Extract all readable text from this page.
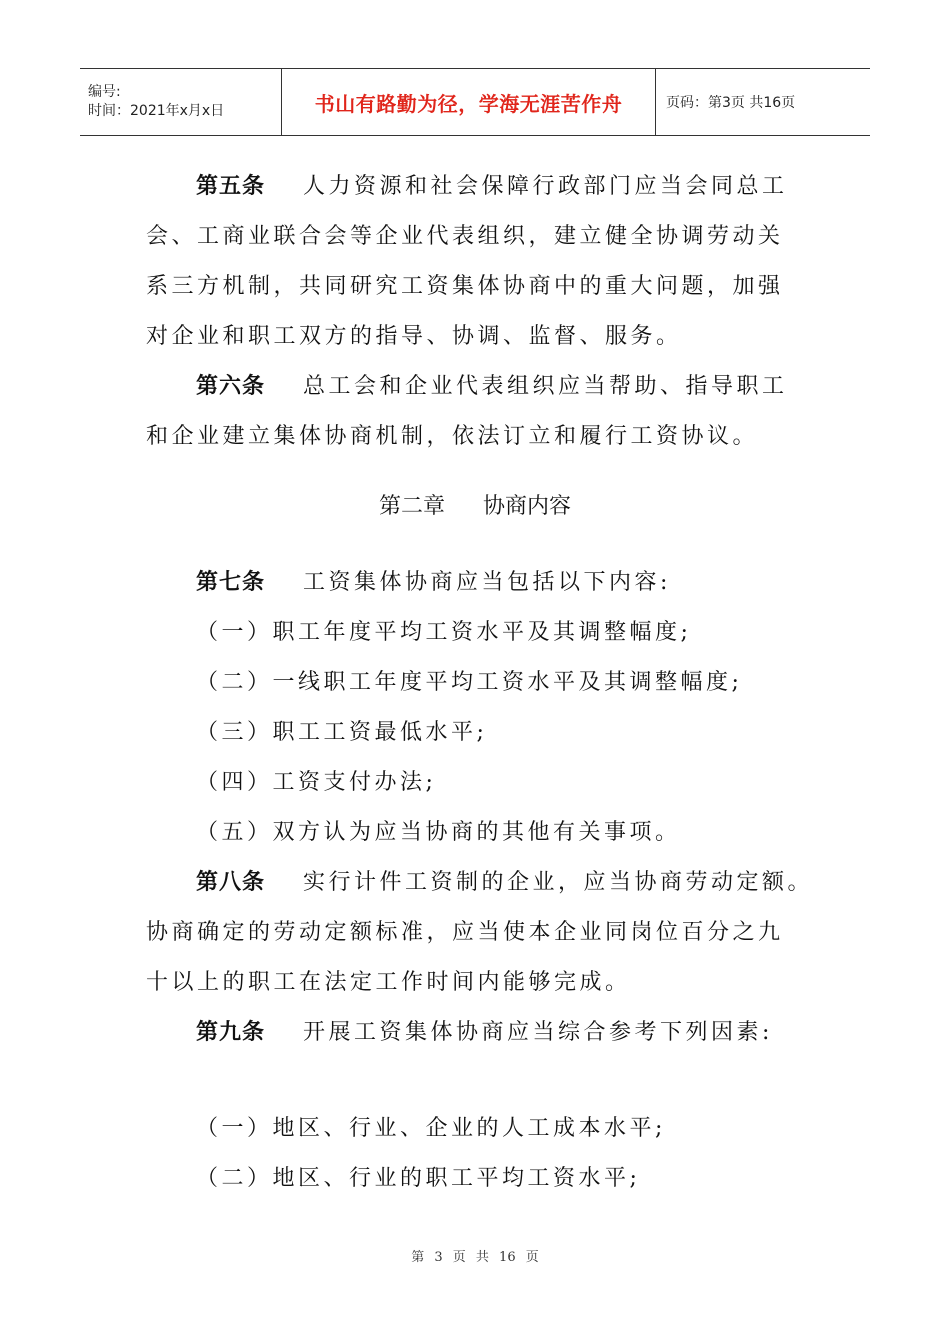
编号:
时间：2021年x月x日	书山有路勤为径，学海无涯苦作舟	页码：第3页 共16页
第五条 人力资源和社会保障行政部门应当会同总工
会、工商业联合会等企业代表组织，建立健全协调劳动关
系三方机制，共同研究工资集体协商中的重大问题，加强
对企业和职工双方的指导、协调、监督、服务。
第六条 总工会和企业代表组织应当帮助、指导职工
和企业建立集体协商机制，依法订立和履行工资协议。
第二章 协商内容
第七条 工资集体协商应当包括以下内容:
（一）职工年度平均工资水平及其调整幅度;
（二）一线职工年度平均工资水平及其调整幅度;
（三）职工工资最低水平;
（四）工资支付办法;
（五）双方认为应当协商的其他有关事项。
第八条 实行计件工资制的企业，应当协商劳动定额。
协商确定的劳动定额标准，应当使本企业同岗位百分之九
十以上的职工在法定工作时间内能够完成。
第九条 开展工资集体协商应当综合参考下列因素:
（一）地区、行业、企业的人工成本水平;
（二）地区、行业的职工平均工资水平;
第 3 页 共 16 页
